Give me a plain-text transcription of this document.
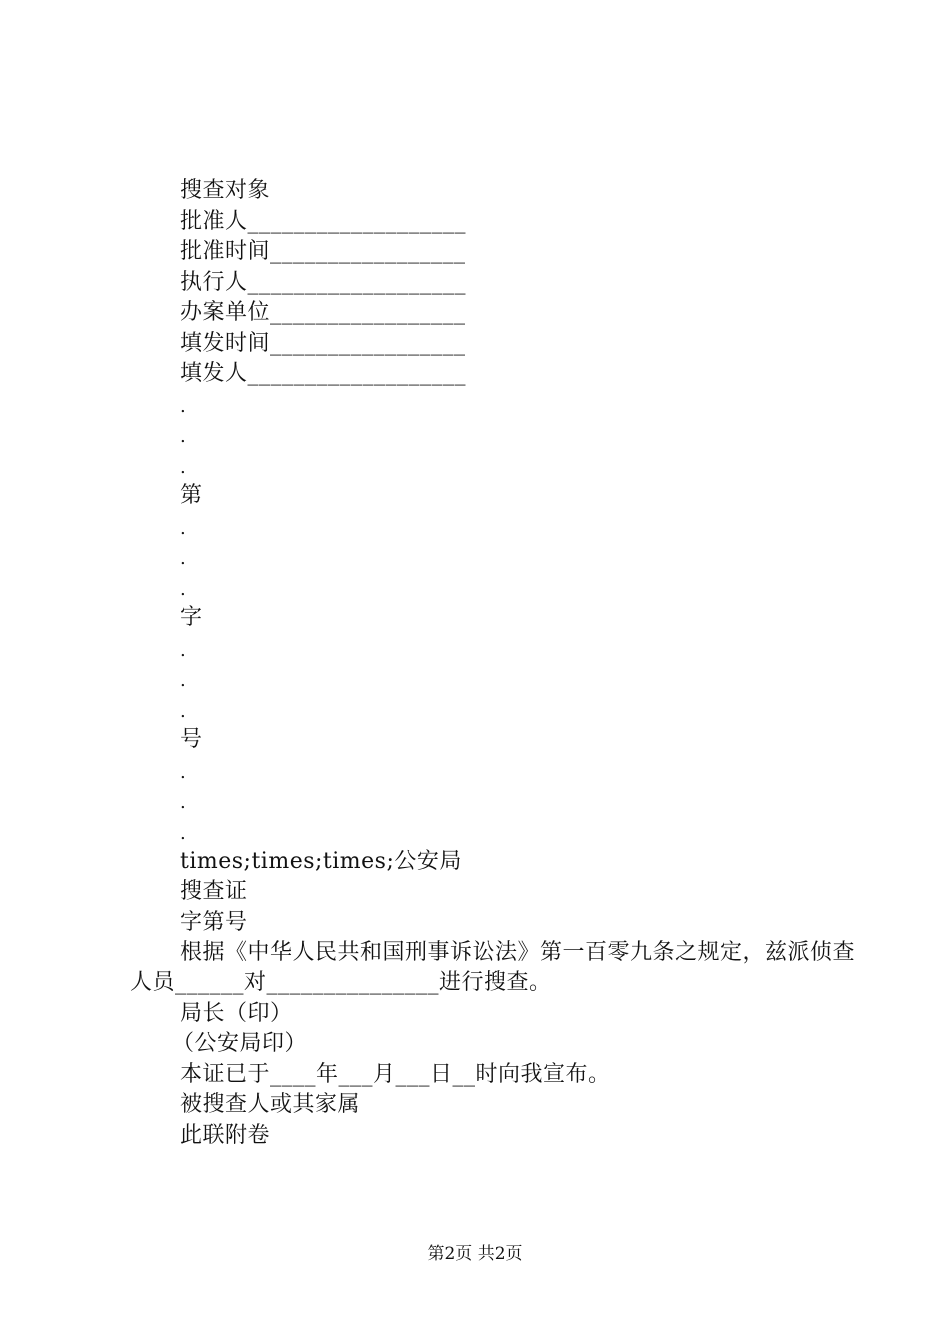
搜查对象
批准人___________________
批准时间_________________
执行人___________________
办案单位_________________
填发时间_________________
填发人___________________
.
.
.
第
.
.
.
字
.
.
.
号
.
.
.
times;times;times;公安局
搜查证
字第号
根据《中华人民共和国刑事诉讼法》第一百零九条之规定，兹派侦查人员______对_______________进行搜查。
局长（印）
（公安局印）
本证已于____年___月___日__时向我宣布。
被搜查人或其家属
此联附卷
第2页 共2页
